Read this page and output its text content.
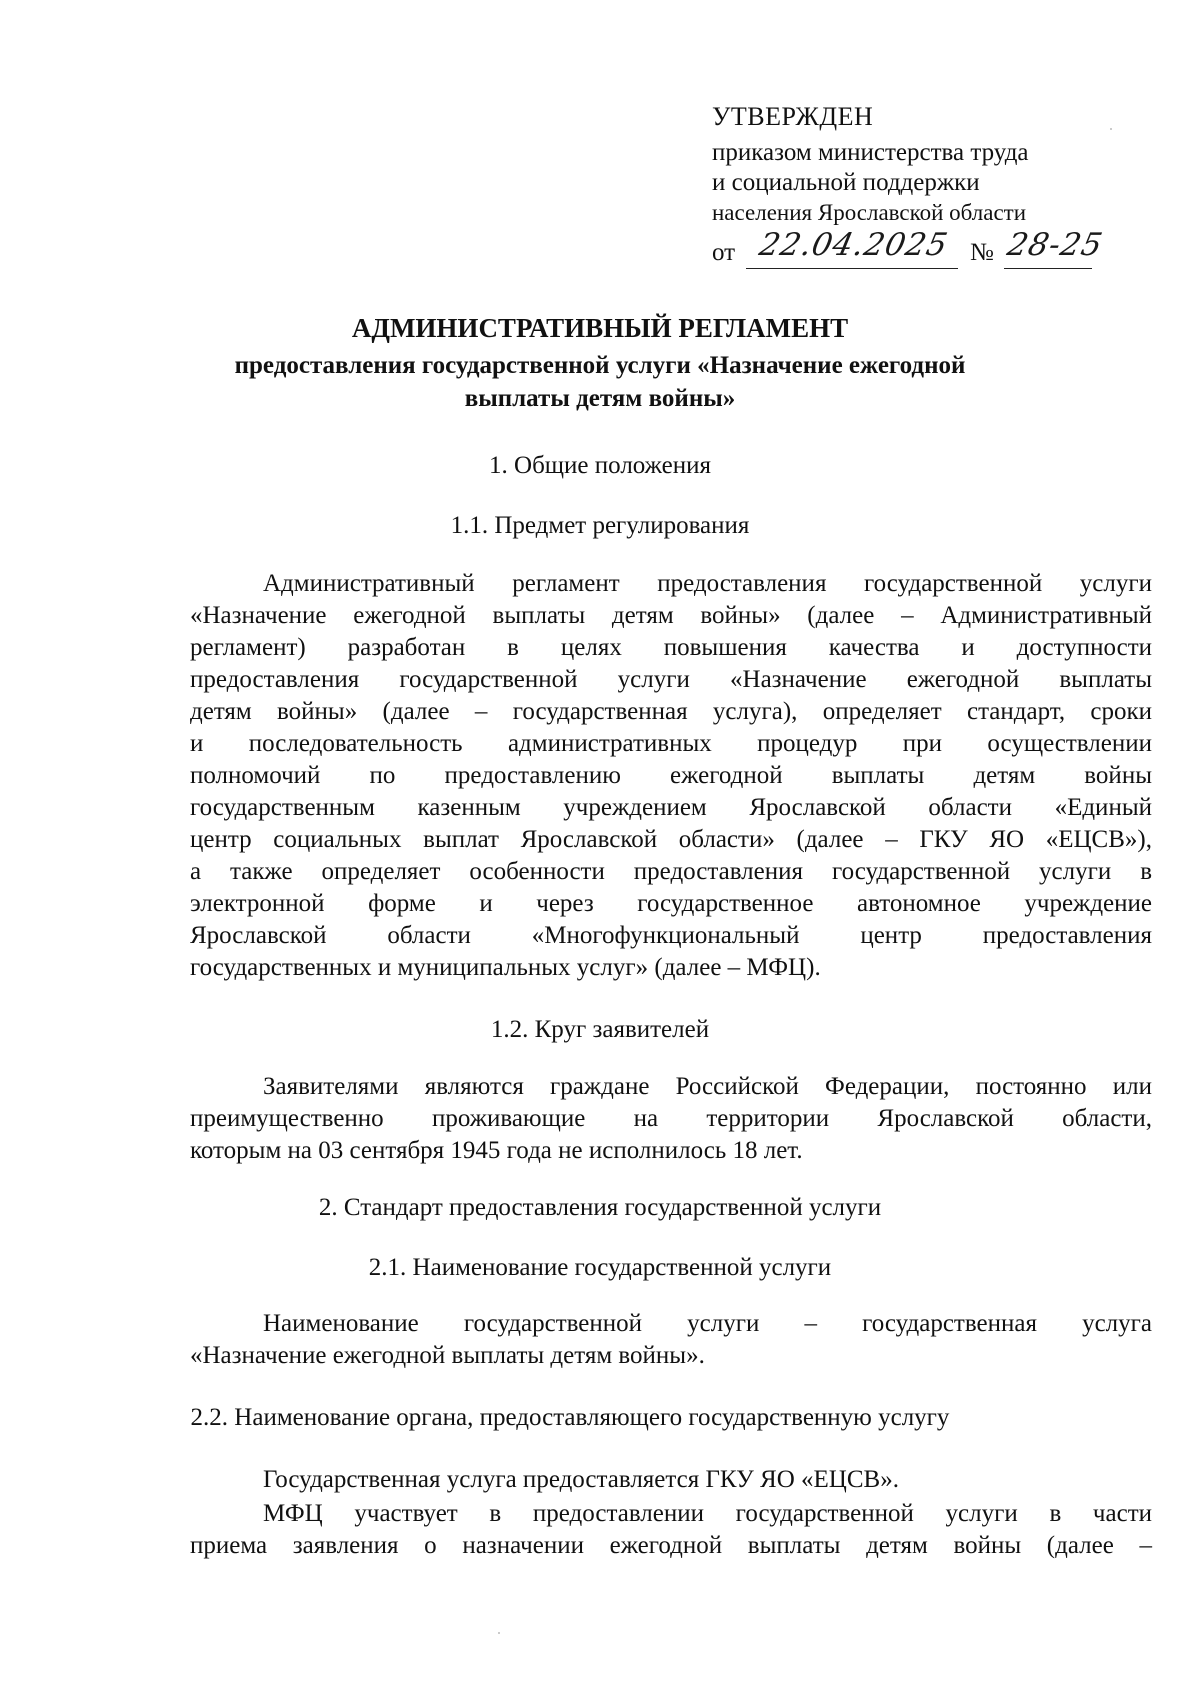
УТВЕРЖДЕН
приказом министерства труда
и социальной поддержки
населения Ярославской области
от 22.04.2025 № 28-25
АДМИНИСТРАТИВНЫЙ РЕГЛАМЕНТ
предоставления государственной услуги «Назначение ежегодной
выплаты детям войны»
1. Общие положения
1.1. Предмет регулирования
Административный регламент предоставления государственной услуги
«Назначение ежегодной выплаты детям войны» (далее – Административный
регламент) разработан в целях повышения качества и доступности
предоставления государственной услуги «Назначение ежегодной выплаты
детям войны» (далее – государственная услуга), определяет стандарт, сроки
и последовательность административных процедур при осуществлении
полномочий по предоставлению ежегодной выплаты детям войны
государственным казенным учреждением Ярославской области «Единый
центр социальных выплат Ярославской области» (далее – ГКУ ЯО «ЕЦСВ»),
а также определяет особенности предоставления государственной услуги в
электронной форме и через государственное автономное учреждение
Ярославской области «Многофункциональный центр предоставления
государственных и муниципальных услуг» (далее – МФЦ).
1.2. Круг заявителей
Заявителями являются граждане Российской Федерации, постоянно или
преимущественно проживающие на территории Ярославской области,
которым на 03 сентября 1945 года не исполнилось 18 лет.
2. Стандарт предоставления государственной услуги
2.1. Наименование государственной услуги
Наименование государственной услуги – государственная услуга
«Назначение ежегодной выплаты детям войны».
2.2. Наименование органа, предоставляющего государственную услугу
Государственная услуга предоставляется ГКУ ЯО «ЕЦСВ».
МФЦ участвует в предоставлении государственной услуги в части
приема заявления о назначении ежегодной выплаты детям войны (далее –
